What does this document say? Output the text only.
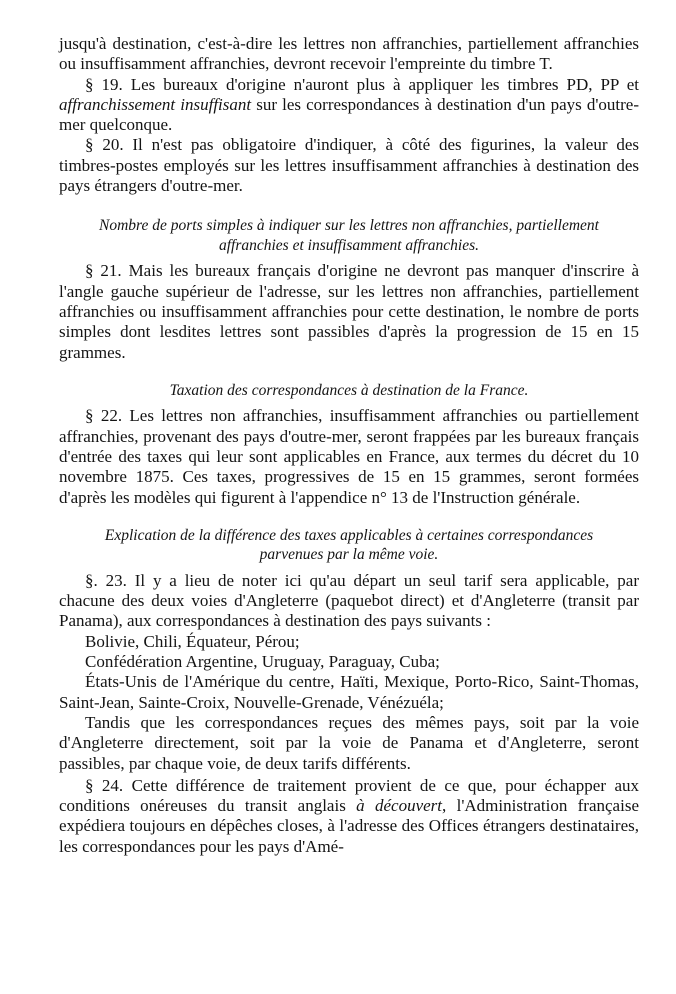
jusqu'à destination, c'est-à-dire les lettres non affranchies, partiellement affranchies ou insuffisamment affranchies, devront recevoir l'empreinte du timbre T.

§ 19. Les bureaux d'origine n'auront plus à appliquer les timbres PD, PP et affranchissement insuffisant sur les correspondances à destination d'un pays d'outre-mer quelconque.

§ 20. Il n'est pas obligatoire d'indiquer, à côté des figurines, la valeur des timbres-postes employés sur les lettres insuffisamment affranchies à destination des pays étrangers d'outre-mer.

Nombre de ports simples à indiquer sur les lettres non affranchies, partiellement affranchies et insuffisamment affranchies.

§ 21. Mais les bureaux français d'origine ne devront pas manquer d'inscrire à l'angle gauche supérieur de l'adresse, sur les lettres non affranchies, partiellement affranchies ou insuffisamment affranchies pour cette destination, le nombre de ports simples dont lesdites lettres sont passibles d'après la progression de 15 en 15 grammes.

Taxation des correspondances à destination de la France.

§ 22. Les lettres non affranchies, insuffisamment affranchies ou partiellement affranchies, provenant des pays d'outre-mer, seront frappées par les bureaux français d'entrée des taxes qui leur sont applicables en France, aux termes du décret du 10 novembre 1875. Ces taxes, progressives de 15 en 15 grammes, seront formées d'après les modèles qui figurent à l'appendice n° 13 de l'Instruction générale.

Explication de la différence des taxes applicables à certaines correspondances parvenues par la même voie.

§. 23. Il y a lieu de noter ici qu'au départ un seul tarif sera applicable, par chacune des deux voies d'Angleterre (paquebot direct) et d'Angleterre (transit par Panama), aux correspondances à destination des pays suivants :

Bolivie, Chili, Équateur, Pérou;

Confédération Argentine, Uruguay, Paraguay, Cuba;

États-Unis de l'Amérique du centre, Haïti, Mexique, Porto-Rico, Saint-Thomas, Saint-Jean, Sainte-Croix, Nouvelle-Grenade, Vénézuéla;

Tandis que les correspondances reçues des mêmes pays, soit par la voie d'Angleterre directement, soit par la voie de Panama et d'Angleterre, seront passibles, par chaque voie, de deux tarifs différents.

§ 24. Cette différence de traitement provient de ce que, pour échapper aux conditions onéreuses du transit anglais à découvert, l'Administration française expédiera toujours en dépêches closes, à l'adresse des Offices étrangers destinataires, les correspondances pour les pays d'Amé-
